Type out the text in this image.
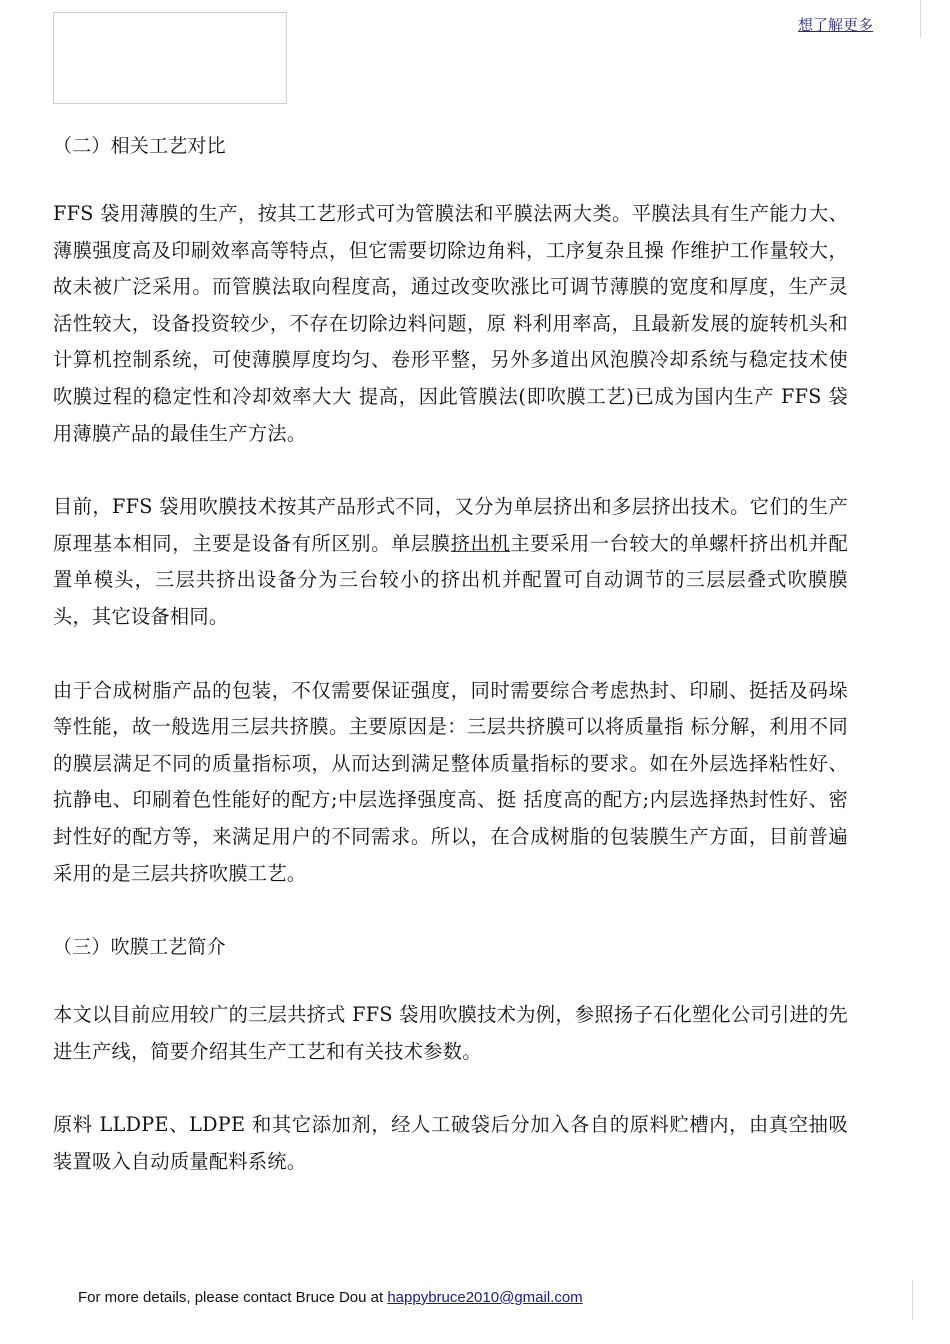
想了解更多
（二）相关工艺对比

FFS 袋用薄膜的生产，按其工艺形式可为管膜法和平膜法两大类。平膜法具有生产能力大、薄膜强度高及印刷效率高等特点，但它需要切除边角料，工序复杂且操 作维护工作量较大，故未被广泛采用。而管膜法取向程度高，通过改变吹涨比可调节薄膜的宽度和厚度，生产灵活性较大，设备投资较少，不存在切除边料问题，原 料利用率高，且最新发展的旋转机头和计算机控制系统，可使薄膜厚度均匀、卷形平整，另外多道出风泡膜冷却系统与稳定技术使吹膜过程的稳定性和冷却效率大大 提高，因此管膜法(即吹膜工艺)已成为国内生产 FFS 袋用薄膜产品的最佳生产方法。

目前，FFS 袋用吹膜技术按其产品形式不同，又分为单层挤出和多层挤出技术。它们的生产原理基本相同，主要是设备有所区别。单层膜挤出机主要采用一台较大的单螺杆挤出机并配置单模头，三层共挤出设备分为三台较小的挤出机并配置可自动调节的三层层叠式吹膜膜头，其它设备相同。

由于合成树脂产品的包装，不仅需要保证强度，同时需要综合考虑热封、印刷、挺括及码垛等性能，故一般选用三层共挤膜。主要原因是：三层共挤膜可以将质量指 标分解，利用不同的膜层满足不同的质量指标项，从而达到满足整体质量指标的要求。如在外层选择粘性好、抗静电、印刷着色性能好的配方;中层选择强度高、挺 括度高的配方;内层选择热封性好、密封性好的配方等，来满足用户的不同需求。所以，在合成树脂的包装膜生产方面，目前普遍采用的是三层共挤吹膜工艺。

（三）吹膜工艺简介

本文以目前应用较广的三层共挤式 FFS 袋用吹膜技术为例，参照扬子石化塑化公司引进的先进生产线，简要介绍其生产工艺和有关技术参数。

原料 LLDPE、LDPE 和其它添加剂，经人工破袋后分加入各自的原料贮槽内，由真空抽吸装置吸入自动质量配料系统。

For more details, please contact Bruce Dou at happybruce2010@gmail.com
